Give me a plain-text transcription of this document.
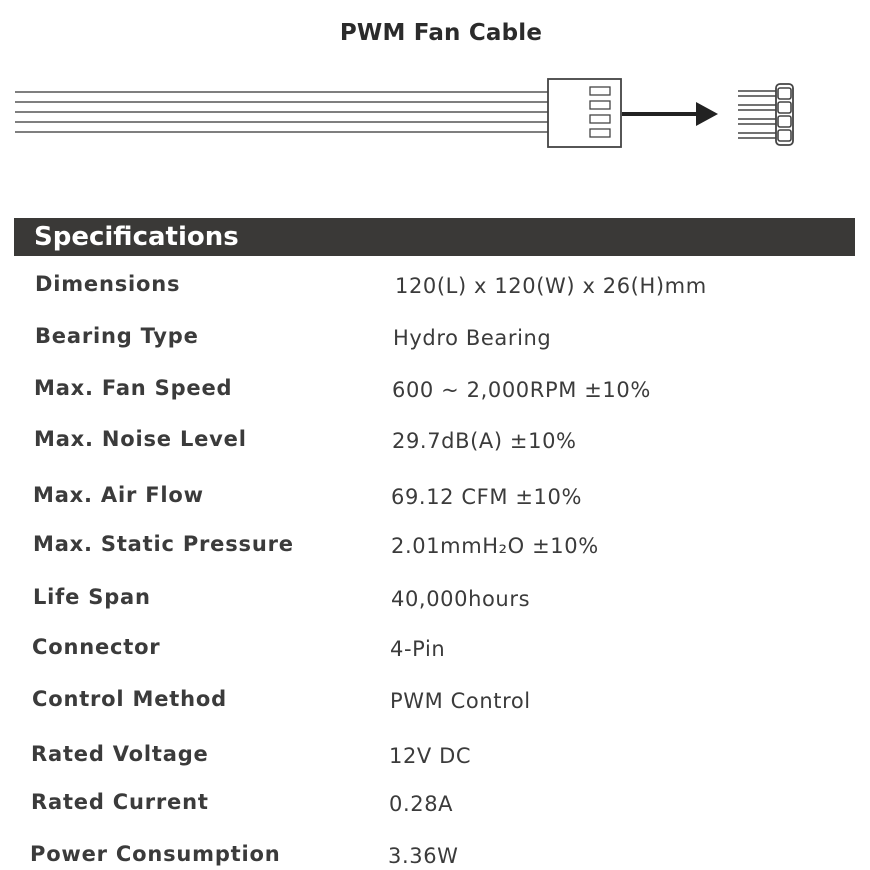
PWM Fan Cable
Specifications
Dimensions	120(L) x 120(W) x 26(H)mm
Bearing Type	Hydro Bearing
Max. Fan Speed	600 ~ 2,000RPM ±10%
Max. Noise Level	29.7dB(A) ±10%
Max. Air Flow	69.12 CFM ±10%
Max. Static Pressure	2.01mmH₂O ±10%
Life Span	40,000hours
Connector	4-Pin
Control Method	PWM Control
Rated Voltage	12V DC
Rated Current	0.28A
Power Consumption	3.36W
